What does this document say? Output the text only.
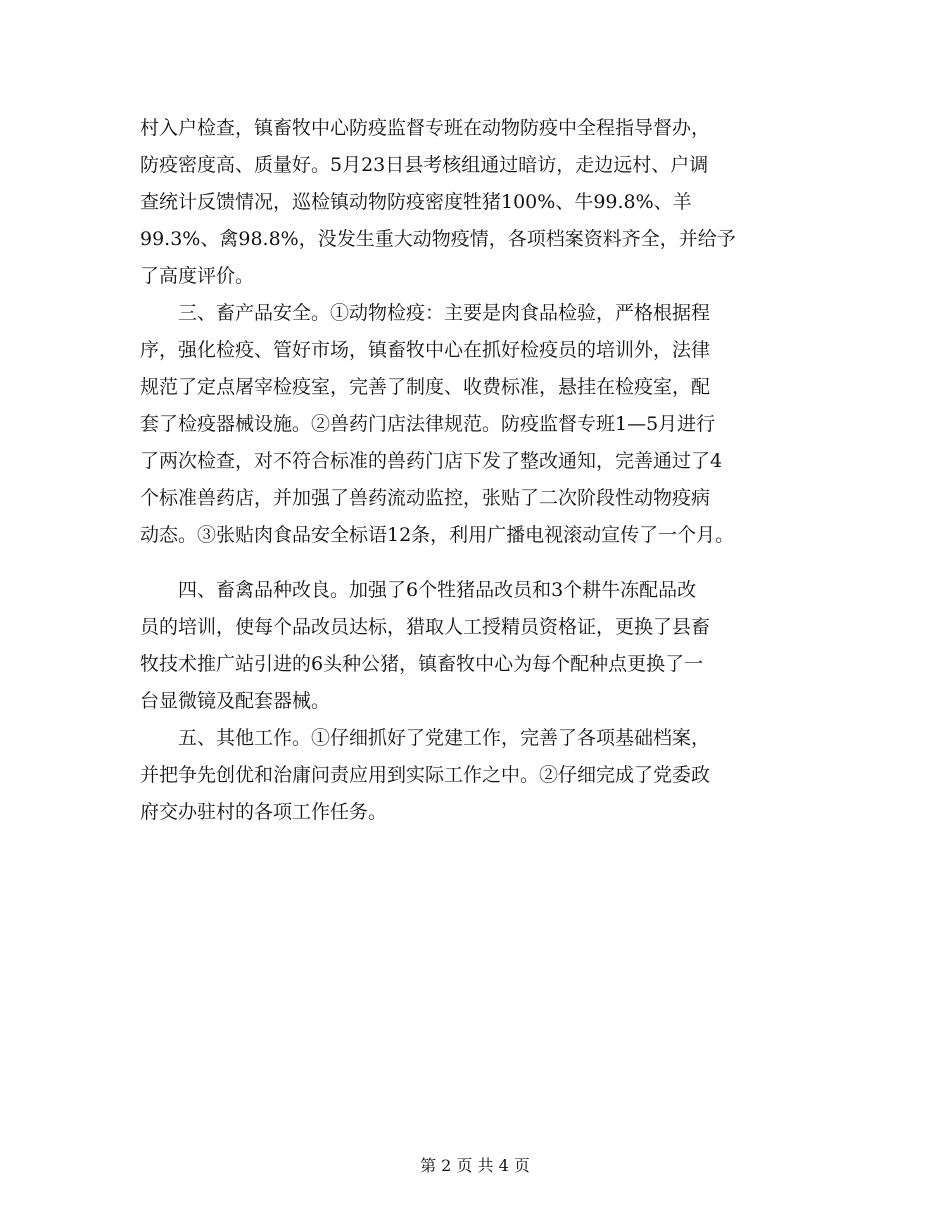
村入户检查，镇畜牧中心防疫监督专班在动物防疫中全程指导督办，
防疫密度高、质量好。5月23日县考核组通过暗访，走边远村、户调
查统计反馈情况，巡检镇动物防疫密度牲猪100%、牛99.8%、羊
99.3%、禽98.8%，没发生重大动物疫情，各项档案资料齐全，并给予
了高度评价。
　　三、畜产品安全。①动物检疫：主要是肉食品检验，严格根据程
序，强化检疫、管好市场，镇畜牧中心在抓好检疫员的培训外，法律
规范了定点屠宰检疫室，完善了制度、收费标准，悬挂在检疫室，配
套了检疫器械设施。②兽药门店法律规范。防疫监督专班1—5月进行
了两次检查，对不符合标准的兽药门店下发了整改通知，完善通过了4
个标准兽药店，并加强了兽药流动监控，张贴了二次阶段性动物疫病
动态。③张贴肉食品安全标语12条，利用广播电视滚动宣传了一个月。
　　四、畜禽品种改良。加强了6个牲猪品改员和3个耕牛冻配品改
员的培训，使每个品改员达标，猎取人工授精员资格证，更换了县畜
牧技术推广站引进的6头种公猪，镇畜牧中心为每个配种点更换了一
台显微镜及配套器械。
　　五、其他工作。①仔细抓好了党建工作，完善了各项基础档案，
并把争先创优和治庸问责应用到实际工作之中。②仔细完成了党委政
府交办驻村的各项工作任务。
第 2 页 共 4 页
